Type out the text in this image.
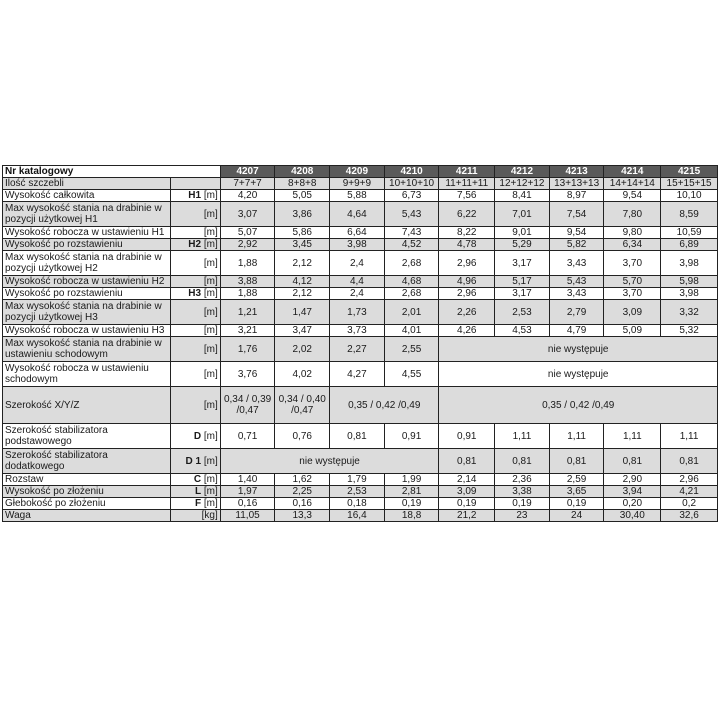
Nr katalogowy		4207	4208	4209	4210	4211	4212	4213	4214	4215
Ilość szczebli		7+7+7	8+8+8	9+9+9	10+10+10	11+11+11	12+12+12	13+13+13	14+14+14	15+15+15
Wysokość całkowita	H1 [m]	4,20	5,05	5,88	6,73	7,56	8,41	8,97	9,54	10,10
Max wysokość stania na drabinie w pozycji użytkowej H1	[m]	3,07	3,86	4,64	5,43	6,22	7,01	7,54	7,80	8,59
Wysokość robocza w ustawieniu H1	[m]	5,07	5,86	6,64	7,43	8,22	9,01	9,54	9,80	10,59
Wysokość po rozstawieniu	H2 [m]	2,92	3,45	3,98	4,52	4,78	5,29	5,82	6,34	6,89
Max wysokość stania na drabinie w pozycji użytkowej H2	[m]	1,88	2,12	2,4	2,68	2,96	3,17	3,43	3,70	3,98
Wysokość robocza w ustawieniu H2	[m]	3,88	4,12	4,4	4,68	4,96	5,17	5,43	5,70	5,98
Wysokość po rozstawieniu	H3 [m]	1,88	2,12	2,4	2,68	2,96	3,17	3,43	3,70	3,98
Max wysokość stania na drabinie w pozycji użytkowej H3	[m]	1,21	1,47	1,73	2,01	2,26	2,53	2,79	3,09	3,32
Wysokość robocza w ustawieniu H3	[m]	3,21	3,47	3,73	4,01	4,26	4,53	4,79	5,09	5,32
Max wysokość stania na drabinie w ustawieniu schodowym	[m]	1,76	2,02	2,27	2,55	nie występuje				
Wysokość robocza w ustawieniu schodowym	[m]	3,76	4,02	4,27	4,55	nie występuje				
Szerokość X/Y/Z	[m]	0,34 / 0,39 /0,47	0,34 / 0,40 /0,47	0,35 / 0,42 /0,49		0,35 / 0,42 /0,49				
Szerokość stabilizatora podstawowego	D [m]	0,71	0,76	0,81	0,91	0,91	1,11	1,11	1,11	1,11
Szerokość stabilizatora dodatkowego	D 1 [m]	nie występuje				0,81	0,81	0,81	0,81	0,81
Rozstaw	C [m]	1,40	1,62	1,79	1,99	2,14	2,36	2,59	2,90	2,96
Wysokość po złożeniu	L [m]	1,97	2,25	2,53	2,81	3,09	3,38	3,65	3,94	4,21
Głebokość po złożeniu	F [m]	0,16	0,16	0,18	0,19	0,19	0,19	0,19	0,20	0,2
Waga	[kg]	11,05	13,3	16,4	18,8	21,2	23	24	30,40	32,6
